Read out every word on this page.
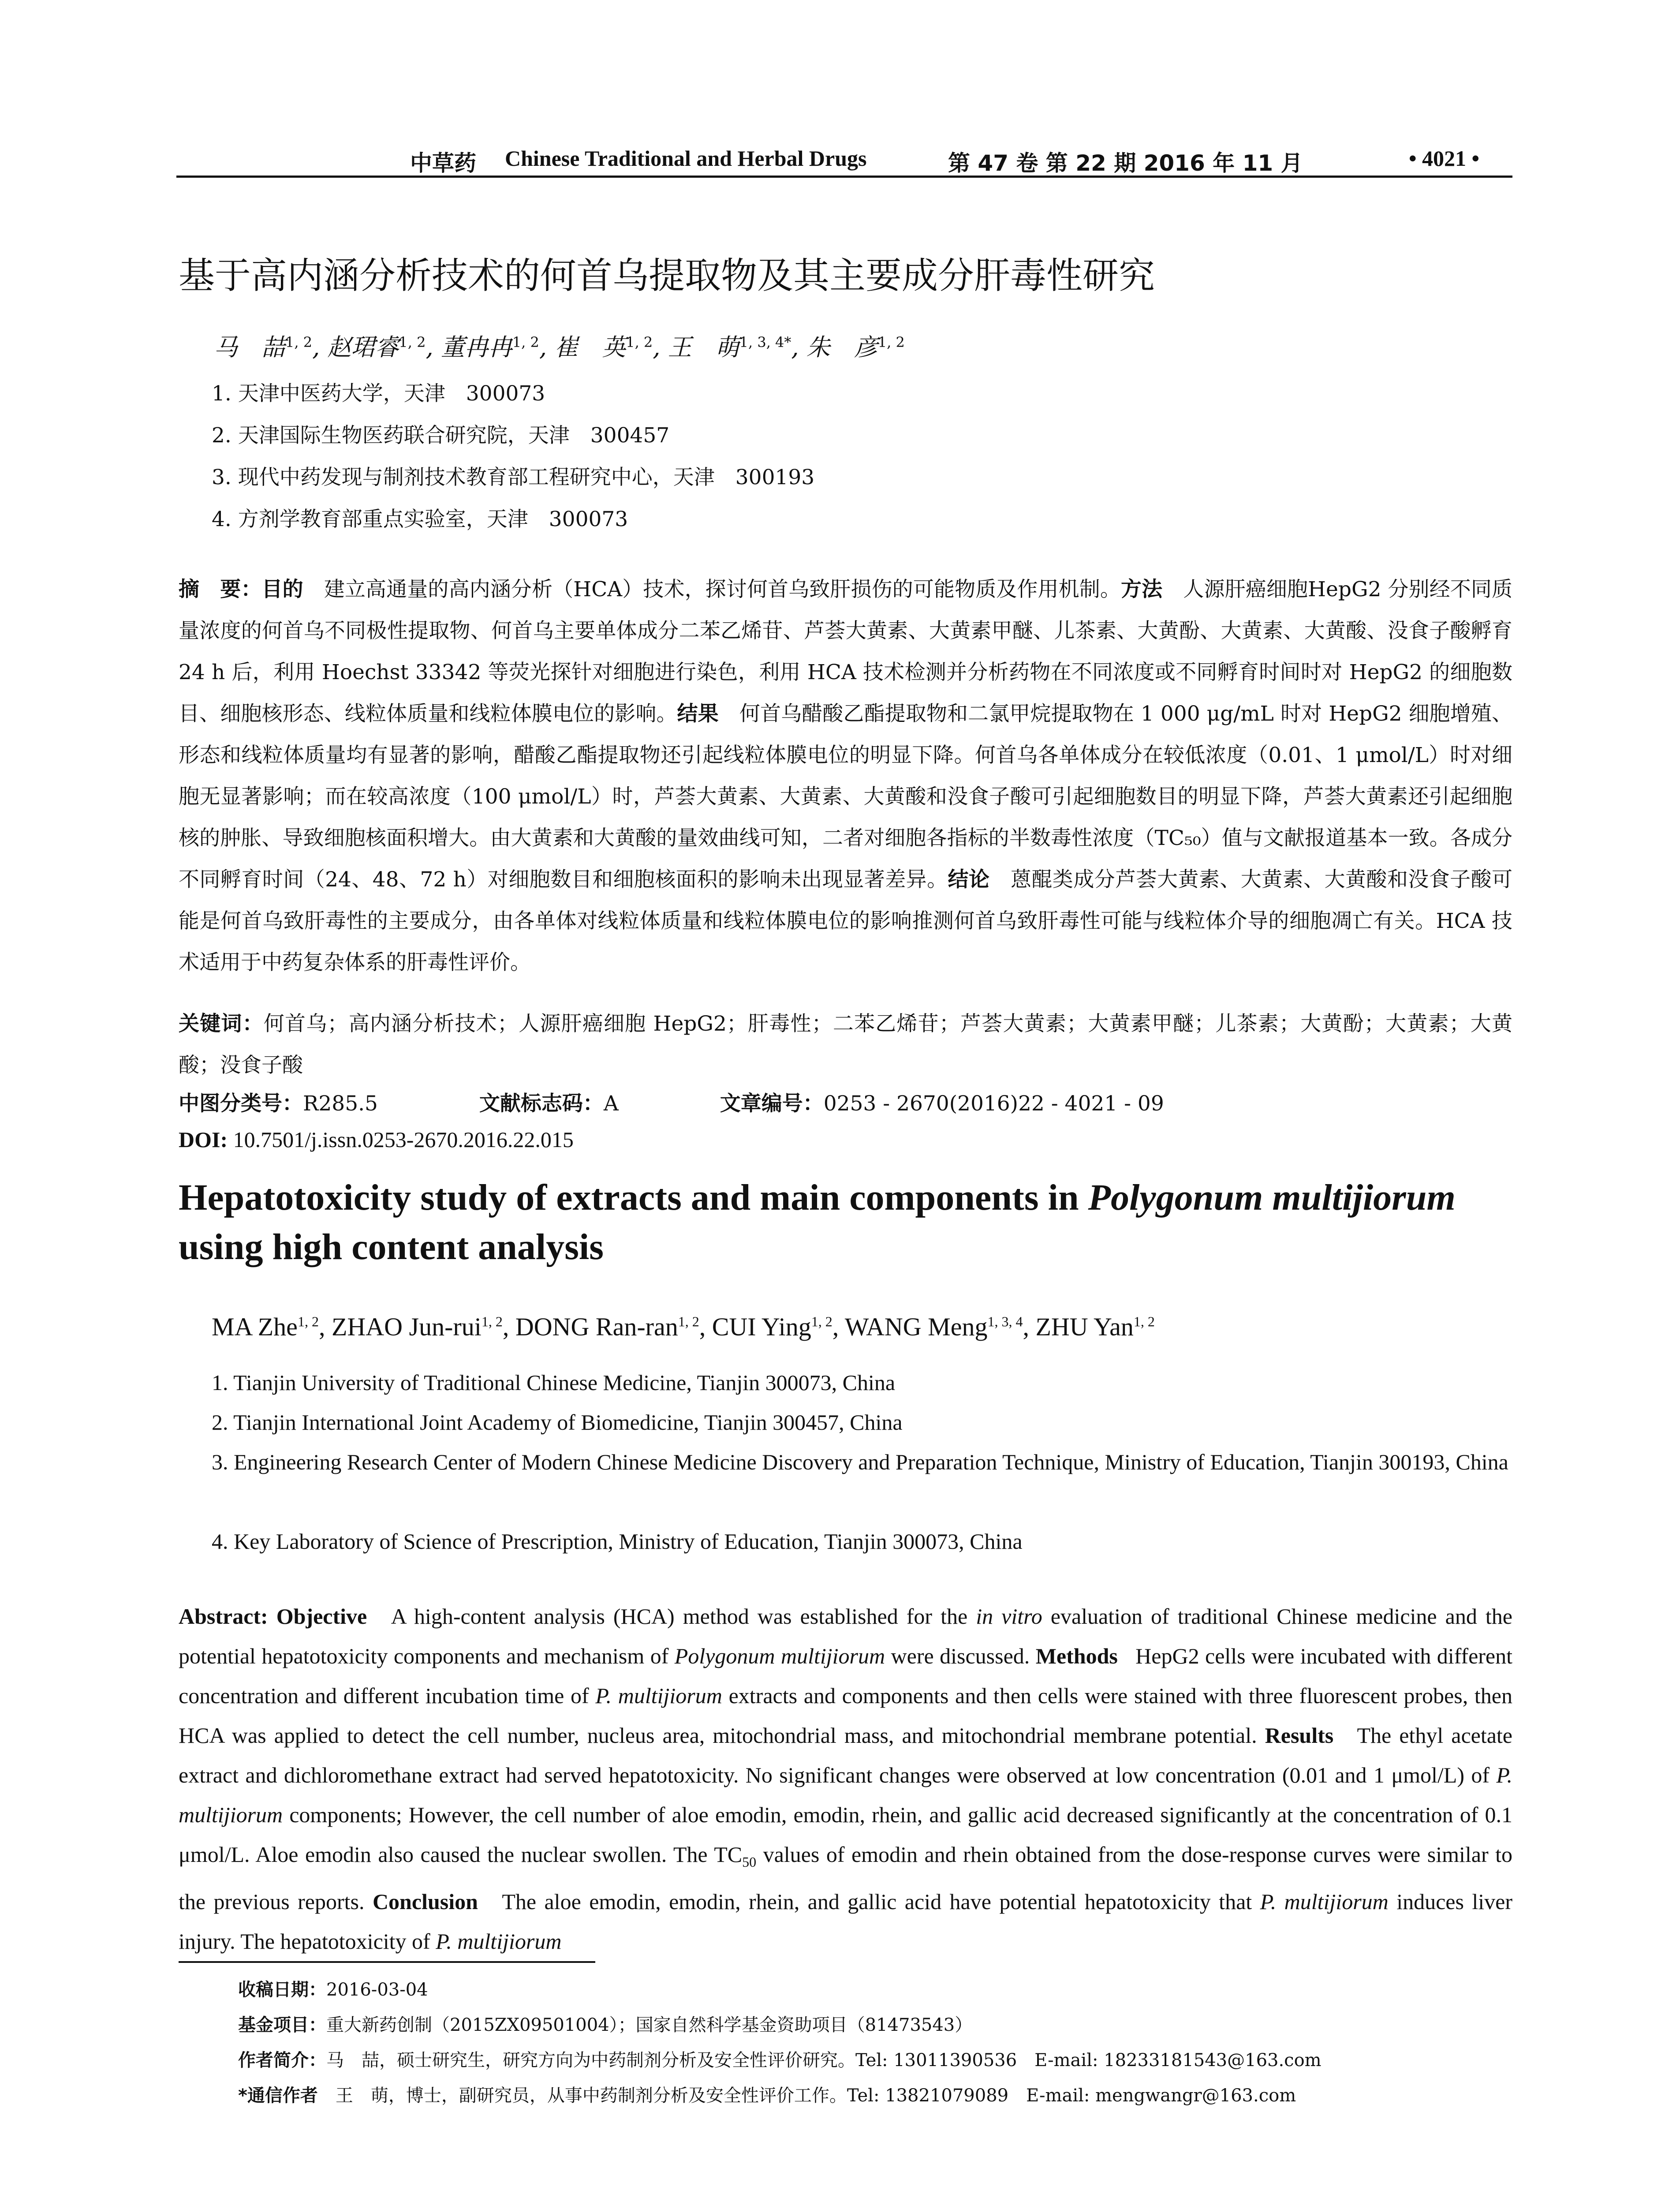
中草药 Chinese Traditional and Herbal Drugs	第 47 卷 第 22 期 2016 年 11 月	• 4021 •
基于高内涵分析技术的何首乌提取物及其主要成分肝毒性研究
马　喆$^{1, 2}$, 赵珺睿$^{1, 2}$, 董冉冉$^{1, 2}$, 崔　英$^{1, 2}$, 王　萌$^{1, 3, 4*}$, 朱　彦$^{1, 2}$
1. 天津中医药大学，天津　300073
2. 天津国际生物医药联合研究院，天津　300457
3. 现代中药发现与制剂技术教育部工程研究中心，天津　300193
4. 方剂学教育部重点实验室，天津　300073
摘　要：目的　 建立高通量的高内涵分析（HCA）技术，探讨何首乌致肝损伤的可能物质及作用机制。方法　 人源肝癌细胞HepG2 分别经不同质量浓度的何首乌不同极性提取物、何首乌主要单体成分二苯乙烯苷、芦荟大黄素、大黄素甲醚、儿茶素、大黄酚、大黄素、大黄酸、没食子酸孵育 24 h 后，利用 Hoechst 33342 等荧光探针对细胞进行染色，利用 HCA 技术检测并分析药物在不同浓度或不同孵育时间时对 HepG2 的细胞数目、细胞核形态、线粒体质量和线粒体膜电位的影响。结果　 何首乌醋酸乙酯提取物和二氯甲烷提取物在 1 000 μg/mL 时对 HepG2 细胞增殖、形态和线粒体质量均有显著的影响，醋酸乙酯提取物还引起线粒体膜电位的明显下降。何首乌各单体成分在较低浓度（0.01、1 μmol/L）时对细胞无显著影响；而在较高浓度（100 μmol/L）时，芦荟大黄素、大黄素、大黄酸和没食子酸可引起细胞数目的明显下降，芦荟大黄素还引起细胞核的肿胀、导致细胞核面积增大。由大黄素和大黄酸的量效曲线可知，二者对细胞各指标的半数毒性浓度（TC₅₀）值与文献报道基本一致。各成分不同孵育时间（24、48、72 h）对细胞数目和细胞核面积的影响未出现显著差异。结论　 蒽醌类成分芦荟大黄素、大黄素、大黄酸和没食子酸可能是何首乌致肝毒性的主要成分，由各单体对线粒体质量和线粒体膜电位的影响推测何首乌致肝毒性可能与线粒体介导的细胞凋亡有关。HCA 技术适用于中药复杂体系的肝毒性评价。
关键词：何首乌；高内涵分析技术；人源肝癌细胞 HepG2；肝毒性；二苯乙烯苷；芦荟大黄素；大黄素甲醚；儿茶素；大黄酚；大黄素；大黄酸；没食子酸
中图分类号：R285.5	文献标志码：A	文章编号：0253 - 2670(2016)22 - 4021 - 09
DOI: 10.7501/j.issn.0253-2670.2016.22.015
Hepatotoxicity study of extracts and main components in Polygonum multijiorum
using high content analysis
MA Zhe$^{1, 2}$, ZHAO Jun-rui$^{1, 2}$, DONG Ran-ran$^{1, 2}$, CUI Ying$^{1, 2}$, WANG Meng$^{1, 3, 4}$, ZHU Yan$^{1, 2}$
1. Tianjin University of Traditional Chinese Medicine, Tianjin 300073, China
2. Tianjin International Joint Academy of Biomedicine, Tianjin 300457, China
3. Engineering Research Center of Modern Chinese Medicine Discovery and Preparation Technique, Ministry of Education, Tianjin 300193, China
4. Key Laboratory of Science of Prescription, Ministry of Education, Tianjin 300073, China
Abstract: Objective A high-content analysis (HCA) method was established for the in vitro evaluation of traditional Chinese medicine and the potential hepatotoxicity components and mechanism of Polygonum multijiorum were discussed. Methods HepG2 cells were incubated with different concentration and different incubation time of P. multijiorum extracts and components and then cells were stained with three fluorescent probes, then HCA was applied to detect the cell number, nucleus area, mitochondrial mass, and mitochondrial membrane potential. Results The ethyl acetate extract and dichloromethane extract had served hepatotoxicity. No significant changes were observed at low concentration (0.01 and 1 μmol/L) of P. multijiorum components; However, the cell number of aloe emodin, emodin, rhein, and gallic acid decreased significantly at the concentration of 0.1 μmol/L. Aloe emodin also caused the nuclear swollen. The $TC_{50}$ values of emodin and rhein obtained from the dose-response curves were similar to the previous reports. Conclusion The aloe emodin, emodin, rhein, and gallic acid have potential hepatotoxicity that P. multijiorum induces liver injury. The hepatotoxicity of P. multijiorum
收稿日期：2016-03-04
基金项目：重大新药创制（2015ZX09501004）；国家自然科学基金资助项目（81473543）
作者简介：马　喆，硕士研究生，研究方向为中药制剂分析及安全性评价研究。Tel: 13011390536　E-mail: 18233181543@163.com
*通信作者　 王　萌，博士，副研究员，从事中药制剂分析及安全性评价工作。Tel: 13821079089　E-mail: mengwangr@163.com
